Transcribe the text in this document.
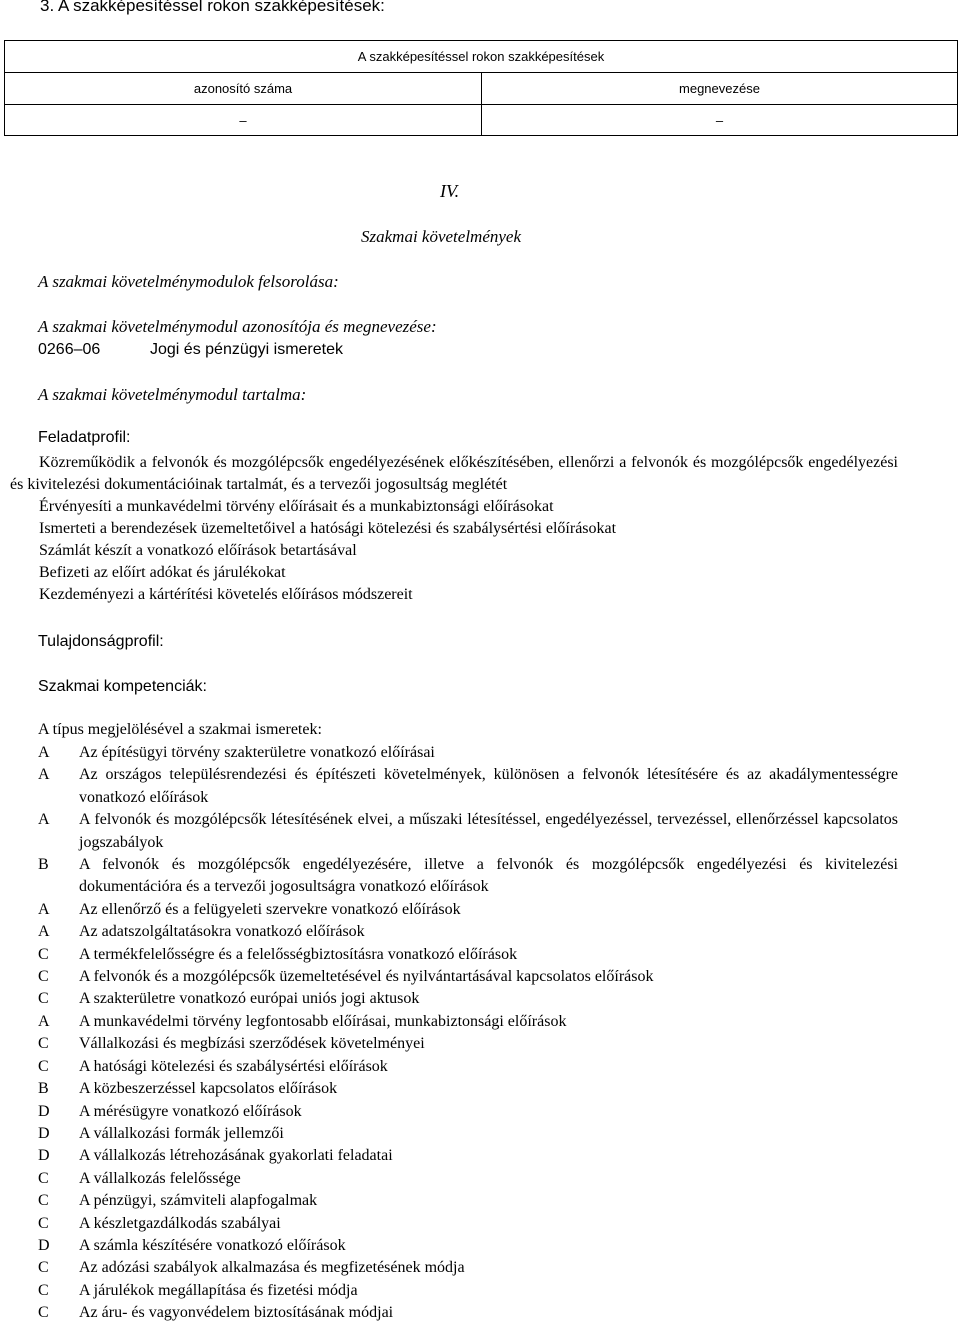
3. A szakképesítéssel rokon szakképesítések:
A szakképesítéssel rokon szakképesítések	
azonosító száma	megnevezése
–	–
IV.
Szakmai követelmények
A szakmai követelménymodulok felsorolása:
A szakmai követelménymodul azonosítója és megnevezése:
0266–06	Jogi és pénzügyi ismeretek
A szakmai követelménymodul tartalma:
Feladatprofil:
Közreműködik a felvonók és mozgólépcsők engedélyezésének előkészítésében, ellenőrzi a felvonók és mozgólépcsők engedélyezési és kivitelezési dokumentációinak tartalmát, és a tervezői jogosultság meglétét
Érvényesíti a munkavédelmi törvény előírásait és a munkabiztonsági előírásokat
Ismerteti a berendezések üzemeltetőivel a hatósági kötelezési és szabálysértési előírásokat
Számlát készít a vonatkozó előírások betartásával
Befizeti az előírt adókat és járulékokat
Kezdeményezi a kártérítési követelés előírásos módszereit
Tulajdonságprofil:
Szakmai kompetenciák:
A típus megjelölésével a szakmai ismeretek:
A	Az építésügyi törvény szakterületre vonatkozó előírásai
A	Az országos településrendezési és építészeti követelmények, különösen a felvonók létesítésére és az akadálymentességre vonatkozó előírások
A	A felvonók és mozgólépcsők létesítésének elvei, a műszaki létesítéssel, engedélyezéssel, tervezéssel, ellenőrzéssel kapcsolatos jogszabályok
B	A felvonók és mozgólépcsők engedélyezésére, illetve a felvonók és mozgólépcsők engedélyezési és kivitelezési dokumentációra és a tervezői jogosultságra vonatkozó előírások
A	Az ellenőrző és a felügyeleti szervekre vonatkozó előírások
A	Az adatszolgáltatásokra vonatkozó előírások
C	A termékfelelősségre és a felelősségbiztosításra vonatkozó előírások
C	A felvonók és a mozgólépcsők üzemeltetésével és nyilvántartásával kapcsolatos előírások
C	A szakterületre vonatkozó európai uniós jogi aktusok
A	A munkavédelmi törvény legfontosabb előírásai, munkabiztonsági előírások
C	Vállalkozási és megbízási szerződések követelményei
C	A hatósági kötelezési és szabálysértési előírások
B	A közbeszerzéssel kapcsolatos előírások
D	A mérésügyre vonatkozó előírások
D	A vállalkozási formák jellemzői
D	A vállalkozás létrehozásának gyakorlati feladatai
C	A vállalkozás felelőssége
C	A pénzügyi, számviteli alapfogalmak
C	A készletgazdálkodás szabályai
D	A számla készítésére vonatkozó előírások
C	Az adózási szabályok alkalmazása és megfizetésének módja
C	A járulékok megállapítása és fizetési módja
C	Az áru- és vagyonvédelem biztosításának módjai
